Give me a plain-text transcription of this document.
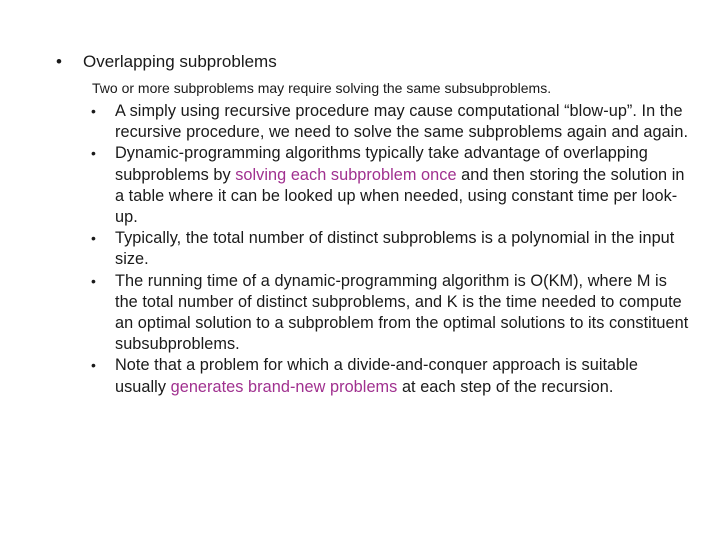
• Overlapping subproblems
Two or more subproblems may require solving the same subsubproblems.
• A simply using recursive procedure may cause computational “blow-up”. In the recursive procedure, we need to solve the same subproblems again and again.
• Dynamic-programming algorithms typically take advantage of overlapping subproblems by solving each subproblem once and then storing the solution in a table where it can be looked up when needed, using constant time per look-up.
• Typically, the total number of distinct subproblems is a polynomial in the input size.
• The running time of a dynamic-programming algorithm is O(KM), where M is the total number of distinct subproblems, and K is the time needed to compute an optimal solution to a subproblem from the optimal solutions to its constituent subsubproblems.
• Note that a problem for which a divide-and-conquer approach is suitable usually generates brand-new problems at each step of the recursion.
